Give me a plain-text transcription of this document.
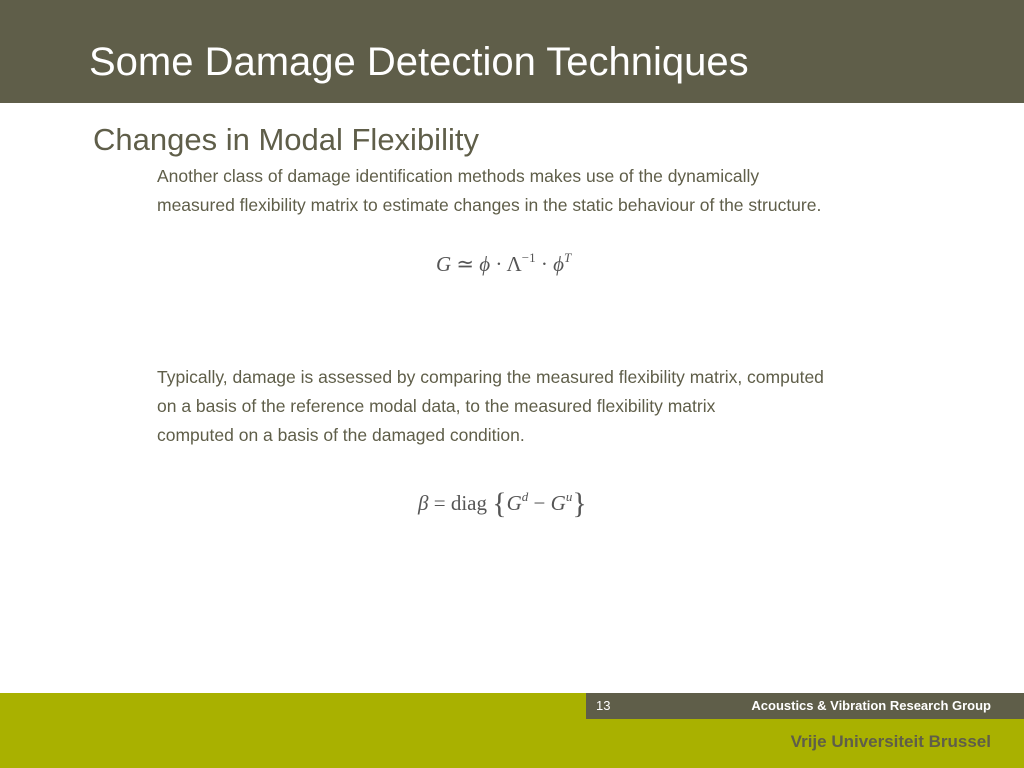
Some Damage Detection Techniques
Changes in Modal Flexibility

Another class of damage identification methods makes use of the dynamically
measured flexibility matrix to estimate changes in the static behaviour of the structure.

G ≃ $\phi \cdot \Lambda^{-1} \cdot \phi^T$

Typically, damage is assessed by comparing the measured flexibility matrix, computed
on a basis of the reference modal data, to the measured flexibility matrix
computed on a basis of the damaged condition.

β = diag $\{G^d - G^u\}$
13	Acoustics & Vibration Research Group
Vrije Universiteit Brussel
